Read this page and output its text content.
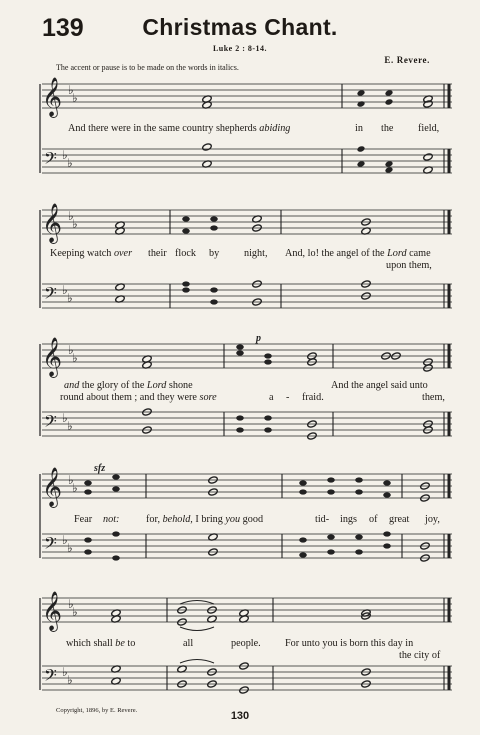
139	Christmas Chant.
Luke 2 : 8-14.
E. Revere.
The accent or pause is to be made on the words in italics.
𝄞 ♭
♭
𝄢 ♭
♭
𝄞 ♭
♭
𝄢 ♭
♭
𝄞 ♭
♭
𝄢 ♭
♭
p
𝄞 ♭
♭
𝄢 ♭
♭
sfz
𝄞 ♭
♭
𝄢 ♭
♭
And there were in the same country shepherds abiding	in the field,
Keeping watch over their flock by night, And, lo! the angel of the Lord came
upon them,
and the glory of the Lord shone
round about them ; and they were sore	a - fraid.
And the angel said unto
them,
Fear not:	for, behold, I bring you good	tid- ings of great joy,
which shall be to	all	people. For unto you is born this day in
the city of
Copyright, 1896, by E. Revere.	130
